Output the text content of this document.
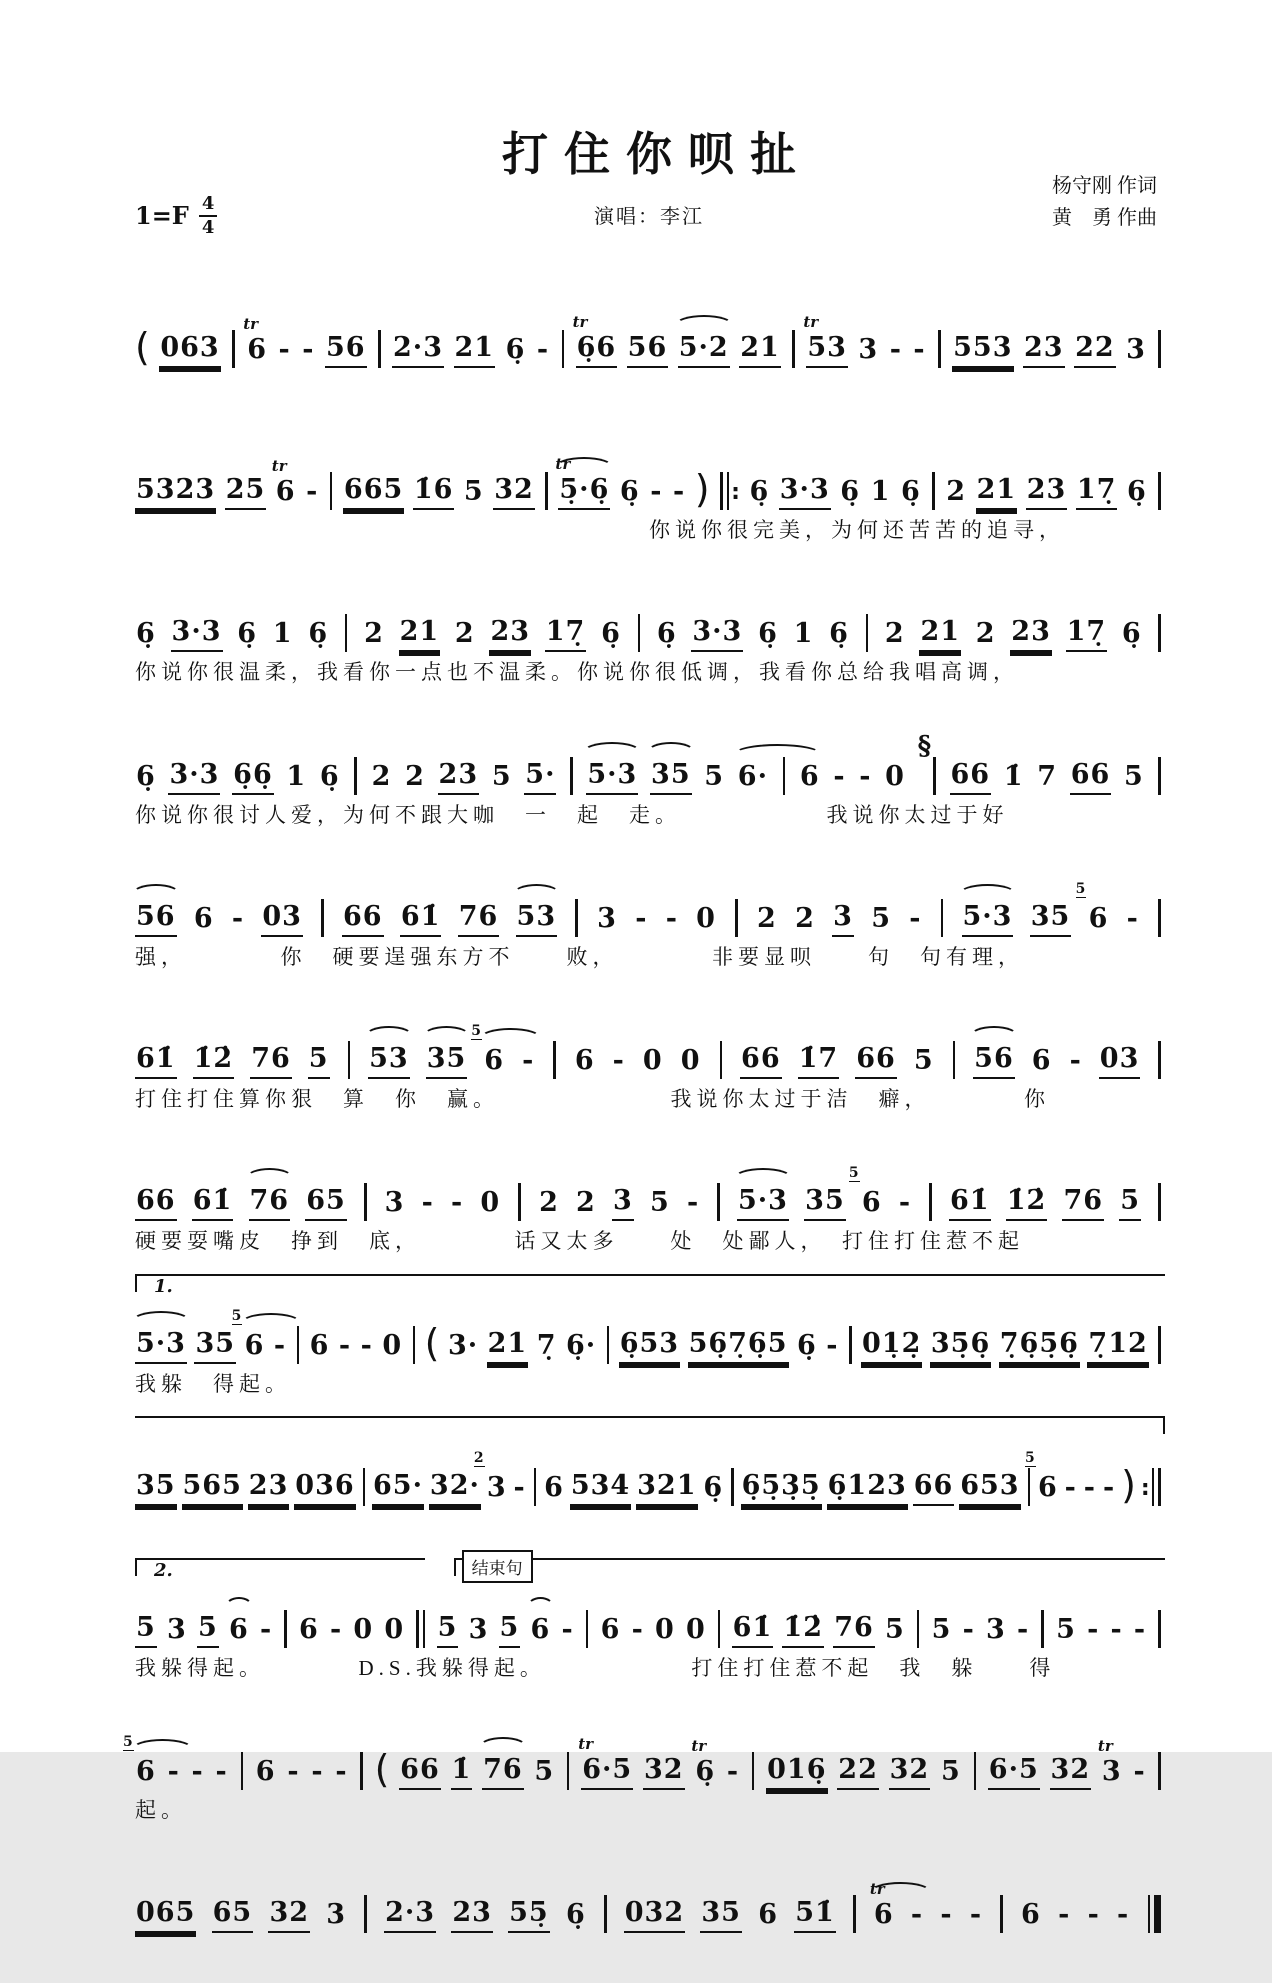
打住你呗扯
$1=F \frac{4}{4}$	演唱：李江
杨守刚 作词
黄　勇 作曲
( 063 6
tr
- - 56 2·3 21 6̣ - 6̣6
tr
56 5·2 21 53
tr
3 - - 553 23 22 3
5323 25 6
tr
- 665 1̇6 5 32 5̣·6̣
tr
6̣ - - ) : 6̣ 3·3 6̣ 1 6̣ 2 21 23 17̣ 6̣
你说你很完美，为何还苦苦的追寻，
6̣ 3·3 6̣ 1 6̣ 2 21 2 23 17̣ 6̣ 6̣ 3·3 6̣ 1 6̣ 2 21 2 23 17̣ 6̣
你说你很温柔，我看你一点也不温柔。你说你很低调，我看你总给我唱高调，
6̣ 3·3 6̣6̣ 1 6̣ 2 2 23 5 5· 5·3 35 5 6· 6 - - 0
§
66 1̇ 7 66 5
你说你很讨人爱，为何不跟大咖　一　起　走。　　　　　　我说你太过于好
56 6 - 03 66 61̇ 76 53 3 - - 0 2 2 3 5 - 5·3 35 6
5
-
强，　　　　你　硬要逞强东方不　　败，　　　　非要显呗　　句　句有理，
61̇ 1̇2̇ 76 5 53 35 6
5
- 6 - 0 0 66 1̇7 66 5 56 6 - 03
打住打住算你狠　算　你　赢。　　　　　　　我说你太过于洁　癖，　　　　你
66 61̇ 76 65 3 - - 0 2 2 3 5 - 5·3 35 6
5
- 61̇ 1̇2̇ 76 5
硬要耍嘴皮　挣到　底，　　　　话又太多　　处　处鄙人，　打住打住惹不起
1.
5·3 35 6
5
- 6 - - 0 ( 3· 21 7̣ 6̣· 6̣53 56̣7̣6̣5 6̣ - 01̣2̣ 35̣6̣ 7̣6̣5̣6̣ 7̣12
我躲　得起。
35 565 23 036 65· 32· 3
2
- 6 534 321 6̣ 6̣5̣3̣5̣ 6̣123 66 653 6
5
- - - ) :
2.	结束句
5 3 5 6 - 6 - 0 0 5 3 5 6 - 6 - 0 0 61̇ 1̇2̇ 76 5 5 - 3 - 5 - - -
我躲得起。　　　　D.S.我躲得起。　　　　　　打住打住惹不起　我　躲　　得
6
5
- - - 6 - - - ( 66 1̇ 76 5 6·5
tr
32 6̣
tr
- 016̣ 22 32 5 6·5 32 3
tr
-
起。
065 65 32 3 2·3 23 55̣ 6̣ 032 35 6 51̇ 6
tr
- - - 6 - - -
